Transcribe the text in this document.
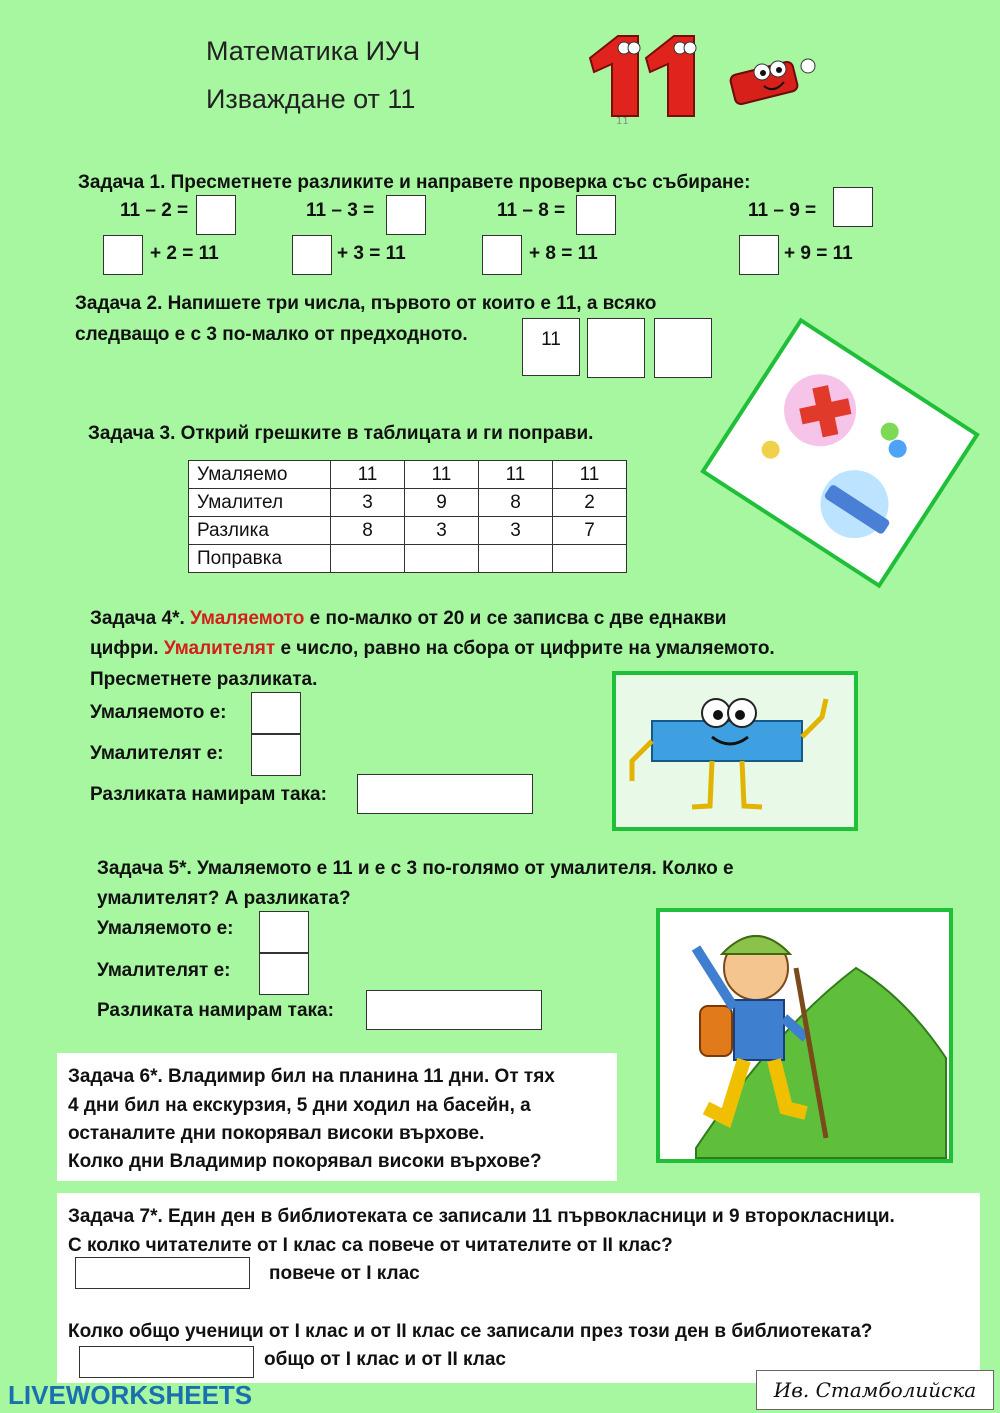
Математика ИУЧ
Изваждане от 11
11
Задача 1. Пресметнете разликите и направете проверка със събиране:
11 – 2 =	11 – 3 =	11 – 8 =	11 – 9 =
+ 2 = 11	+ 3 = 11	+ 8 = 11	+ 9 = 11
Задача 2. Напишете три числа, първото от които е 11, а всяко
следващо е с 3 по-малко от предходното.	11
Задача 3. Открий грешките в таблицата и ги поправи.
Умаляемо	11	11	11	11
Умалител	3	9	8	2
Разлика	8	3	3	7
Поправка				
Задача 4*. Умаляемото е по-малко от 20 и се записва с две еднакви
цифри. Умалителят е число, равно на сбора от цифрите на умаляемото.
Пресметнете разликата.
Умаляемото е:
Умалителят е:
Разликата намирам така:
Задача 5*. Умаляемото е 11 и е с 3 по-голямо от умалителя. Колко е
умалителят? А разликата?
Умаляемото е:
Умалителят е:
Разликата намирам така:
Задача 6*. Владимир бил на планина 11 дни. От тях
4 дни бил на екскурзия, 5 дни ходил на басейн, а
останалите дни покорявал високи върхове.
Колко дни Владимир покорявал високи върхове?
Задача 7*. Един ден в библиотеката се записали 11 първокласници и 9 второкласници.
С колко читателите от I клас са повече от читателите от II клас?
повече от I клас
Колко общо ученици от I клас и от II клас се записали през този ден в библиотеката?
общо от I клас и от II клас
LIVEWORKSHEETS	Ив. Стамболийска
